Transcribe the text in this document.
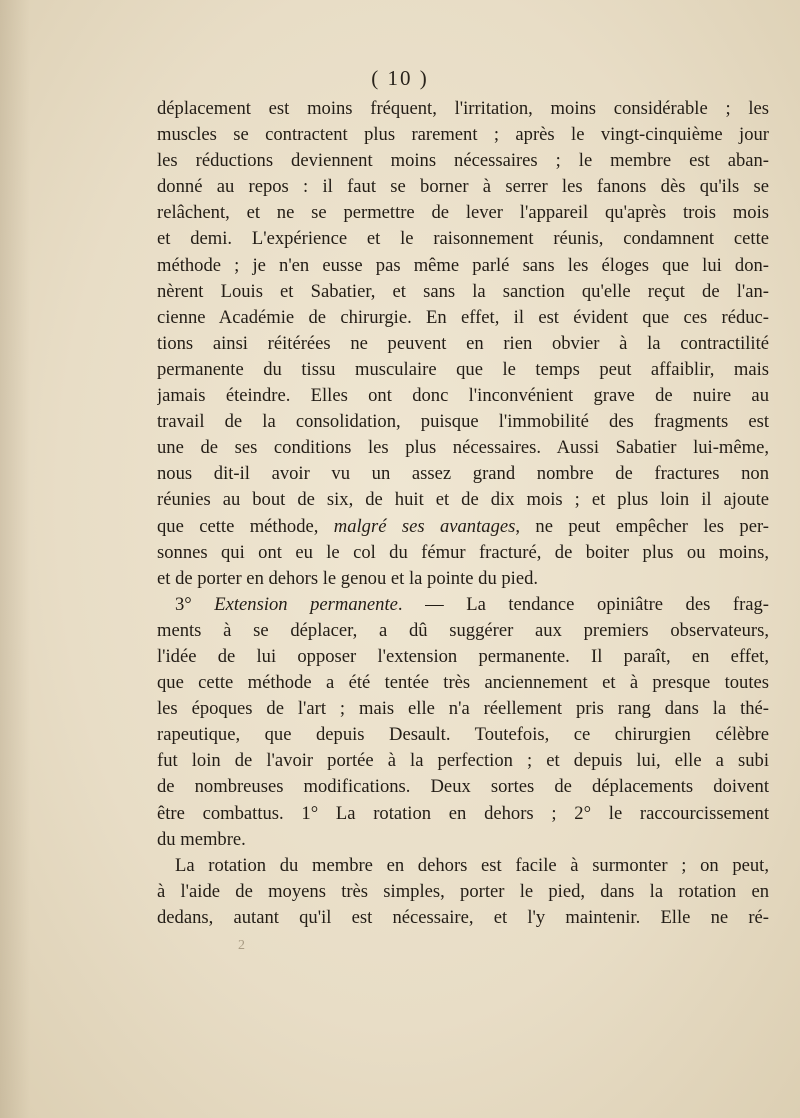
( 10 )
déplacement est moins fréquent, l'irritation, moins considérable ; les
muscles se contractent plus rarement ; après le vingt-cinquième jour
les réductions deviennent moins nécessaires ; le membre est aban-
donné au repos : il faut se borner à serrer les fanons dès qu'ils se
relâchent, et ne se permettre de lever l'appareil qu'après trois mois
et demi. L'expérience et le raisonnement réunis, condamnent cette
méthode ; je n'en eusse pas même parlé sans les éloges que lui don-
nèrent Louis et Sabatier, et sans la sanction qu'elle reçut de l'an-
cienne Académie de chirurgie. En effet, il est évident que ces réduc-
tions ainsi réitérées ne peuvent en rien obvier à la contractilité
permanente du tissu musculaire que le temps peut affaiblir, mais
jamais éteindre. Elles ont donc l'inconvénient grave de nuire au
travail de la consolidation, puisque l'immobilité des fragments est
une de ses conditions les plus nécessaires. Aussi Sabatier lui-même,
nous dit-il avoir vu un assez grand nombre de fractures non
réunies au bout de six, de huit et de dix mois ; et plus loin il ajoute
que cette méthode, malgré ses avantages, ne peut empêcher les per-
sonnes qui ont eu le col du fémur fracturé, de boiter plus ou moins,
et de porter en dehors le genou et la pointe du pied.
3° Extension permanente. — La tendance opiniâtre des frag-
ments à se déplacer, a dû suggérer aux premiers observateurs,
l'idée de lui opposer l'extension permanente. Il paraît, en effet,
que cette méthode a été tentée très anciennement et à presque toutes
les époques de l'art ; mais elle n'a réellement pris rang dans la thé-
rapeutique, que depuis Desault. Toutefois, ce chirurgien célèbre
fut loin de l'avoir portée à la perfection ; et depuis lui, elle a subi
de nombreuses modifications. Deux sortes de déplacements doivent
être combattus. 1° La rotation en dehors ; 2° le raccourcissement
du membre.
La rotation du membre en dehors est facile à surmonter ; on peut,
à l'aide de moyens très simples, porter le pied, dans la rotation en
dedans, autant qu'il est nécessaire, et l'y maintenir. Elle ne ré-
2
